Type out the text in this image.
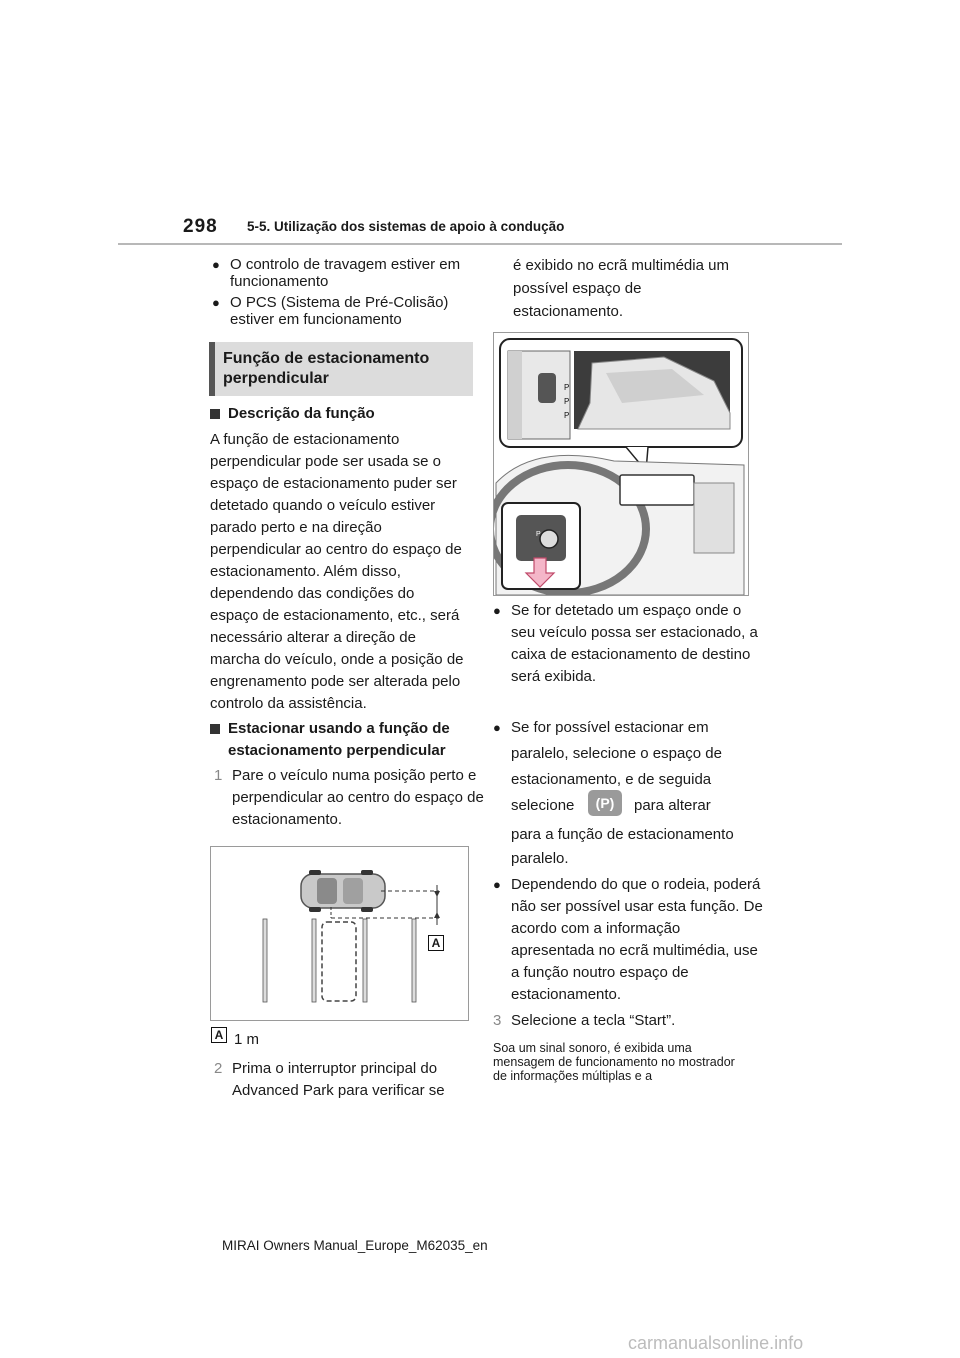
298 5-5. Utilização dos sistemas de apoio à condução
● O controlo de travagem estiver em funcionamento
● O PCS (Sistema de Pré-Colisão) estiver em funcionamento
Função de estacionamento perpendicular
Descrição da função
A função de estacionamento perpendicular pode ser usada se o espaço de estacionamento puder ser detetado quando o veículo estiver parado perto e na direção perpendicular ao centro do espaço de estacionamento. Além disso, dependendo das condições do espaço de estacionamento, etc., será necessário alterar a direção de marcha do veículo, onde a posição de engrenamento pode ser alterada pelo controlo da assistência.
Estacionar usando a função de estacionamento perpendicular
1 Pare o veículo numa posição perto e perpendicular ao centro do espaço de estacionamento.
A
A 1 m
2 Prima o interruptor principal do Advanced Park para verificar se
é exibido no ecrã multimédia um possível espaço de estacionamento.
P
P
P
P
● Se for detetado um espaço onde o seu veículo possa ser estacionado, a caixa de estacionamento de destino será exibida.
● Se for possível estacionar em paralelo, selecione o espaço de estacionamento, e de seguida
selecione	(P)	para alterar
para a função de estacionamento paralelo.
● Dependendo do que o rodeia, poderá não ser possível usar esta função. De acordo com a informação apresentada no ecrã multimédia, use a função noutro espaço de estacionamento.
3 Selecione a tecla “Start”.
Soa um sinal sonoro, é exibida uma mensagem de funcionamento no mostrador de informações múltiplas e a
MIRAI Owners Manual_Europe_M62035_en
carmanualsonline.info
